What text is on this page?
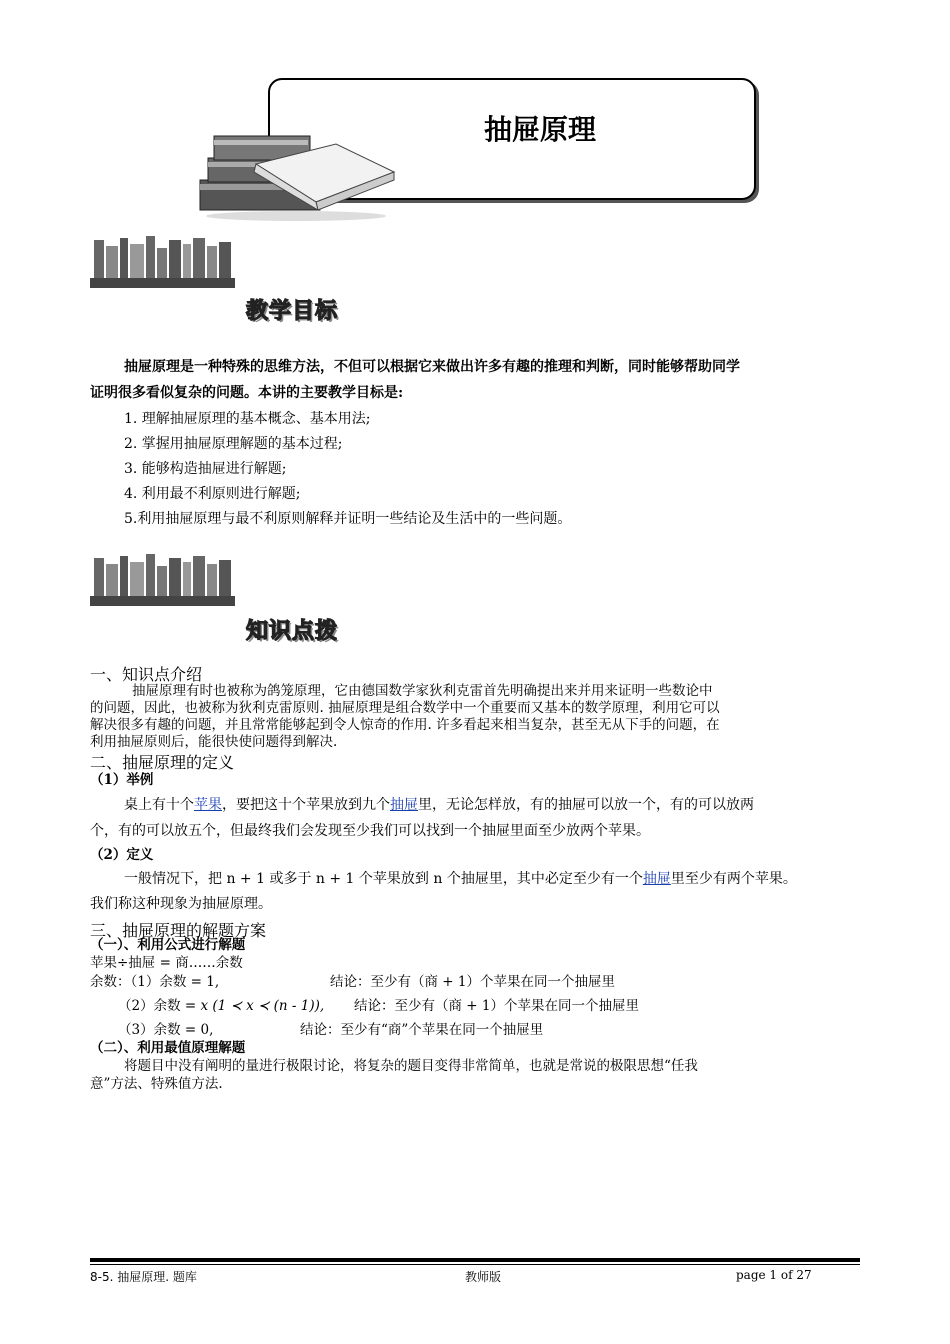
抽屉原理
教学目标
抽屉原理是一种特殊的思维方法，不但可以根据它来做出许多有趣的推理和判断，同时能够帮助同学
证明很多看似复杂的问题。本讲的主要教学目标是:
1. 理解抽屉原理的基本概念、基本用法;
2. 掌握用抽屉原理解题的基本过程;
3. 能够构造抽屉进行解题;
4. 利用最不利原则进行解题;
5.利用抽屉原理与最不利原则解释并证明一些结论及生活中的一些问题。
知识点拨
一、知识点介绍
抽屉原理有时也被称为鸽笼原理，它由德国数学家狄利克雷首先明确提出来并用来证明一些数论中
的问题，因此，也被称为狄利克雷原则. 抽屉原理是组合数学中一个重要而又基本的数学原理，利用它可以
解决很多有趣的问题，并且常常能够起到令人惊奇的作用. 许多看起来相当复杂，甚至无从下手的问题，在
利用抽屉原则后，能很快使问题得到解决.
二、抽屉原理的定义
（1）举例
桌上有十个苹果，要把这十个苹果放到九个抽屉里，无论怎样放，有的抽屉可以放一个，有的可以放两
个，有的可以放五个，但最终我们会发现至少我们可以找到一个抽屉里面至少放两个苹果。
（2）定义
一般情况下，把 n + 1 或多于 n + 1 个苹果放到 n 个抽屉里，其中必定至少有一个抽屉里至少有两个苹果。
我们称这种现象为抽屉原理。
三、抽屉原理的解题方案
（一）、利用公式进行解题
苹果÷抽屉 = 商……余数
余数：（1）余数 = 1,	结论：至少有（商 + 1）个苹果在同一个抽屉里
（2）余数 = x (1 ≺ x ≺ (n - 1)), 结论：至少有（商 + 1）个苹果在同一个抽屉里
（3）余数 = 0,	结论：至少有“商”个苹果在同一个抽屉里
（二）、利用最值原理解题
将题目中没有阐明的量进行极限讨论，将复杂的题目变得非常简单，也就是常说的极限思想“任我
意”方法、特殊值方法.
8-5. 抽屉原理. 题库	教师版	page 1 of 27
